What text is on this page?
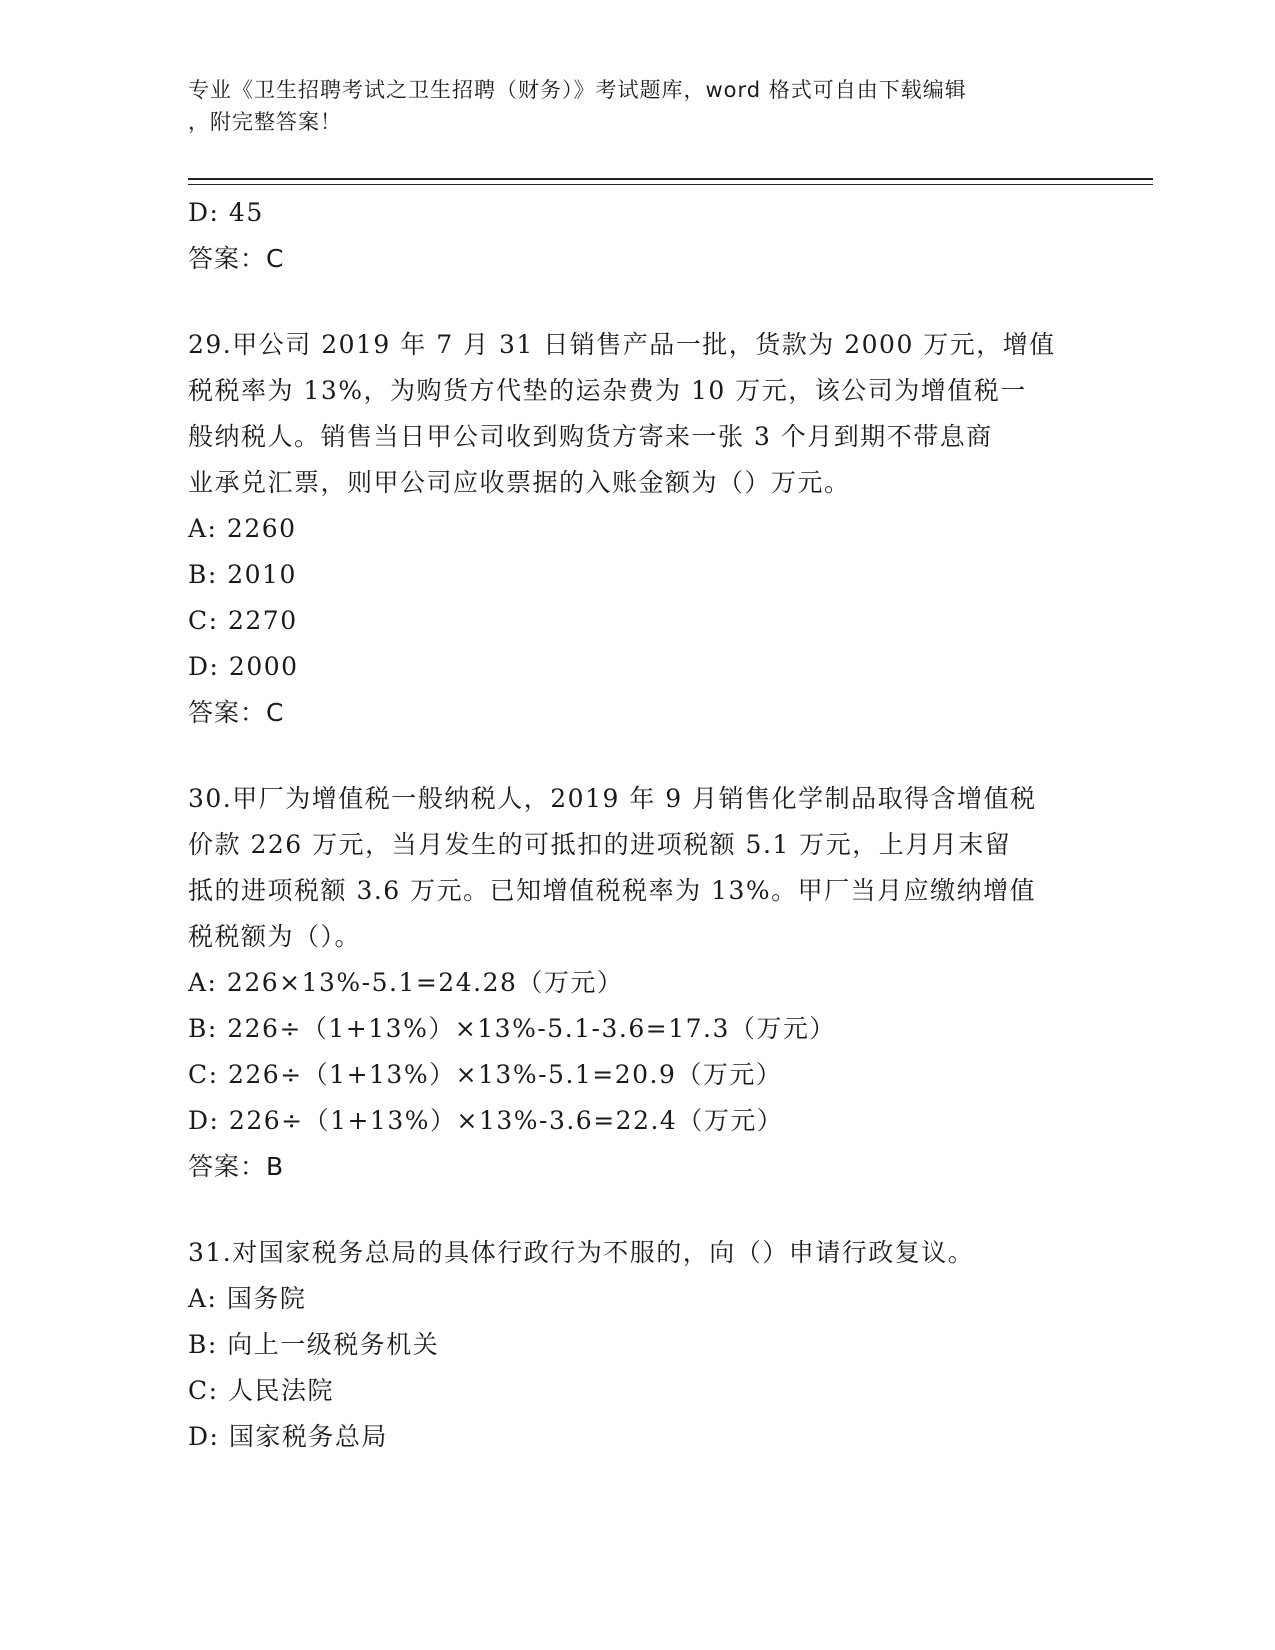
专业《卫生招聘考试之卫生招聘（财务）》考试题库，word 格式可自由下载编辑
，附完整答案！
D: 45
答案：C
29.甲公司 2019 年 7 月 31 日销售产品一批，货款为 2000 万元，增值
税税率为 13%，为购货方代垫的运杂费为 10 万元，该公司为增值税一
般纳税人。销售当日甲公司收到购货方寄来一张 3 个月到期不带息商
业承兑汇票，则甲公司应收票据的入账金额为（）万元。
A: 2260
B: 2010
C: 2270
D: 2000
答案：C
30.甲厂为增值税一般纳税人，2019 年 9 月销售化学制品取得含增值税
价款 226 万元，当月发生的可抵扣的进项税额 5.1 万元，上月月末留
抵的进项税额 3.6 万元。已知增值税税率为 13%。甲厂当月应缴纳增值
税税额为（）。
A: 226×13%-5.1=24.28（万元）
B: 226÷（1+13%）×13%-5.1-3.6=17.3（万元）
C: 226÷（1+13%）×13%-5.1=20.9（万元）
D: 226÷（1+13%）×13%-3.6=22.4（万元）
答案：B
31.对国家税务总局的具体行政行为不服的，向（）申请行政复议。
A: 国务院
B: 向上一级税务机关
C: 人民法院
D: 国家税务总局
